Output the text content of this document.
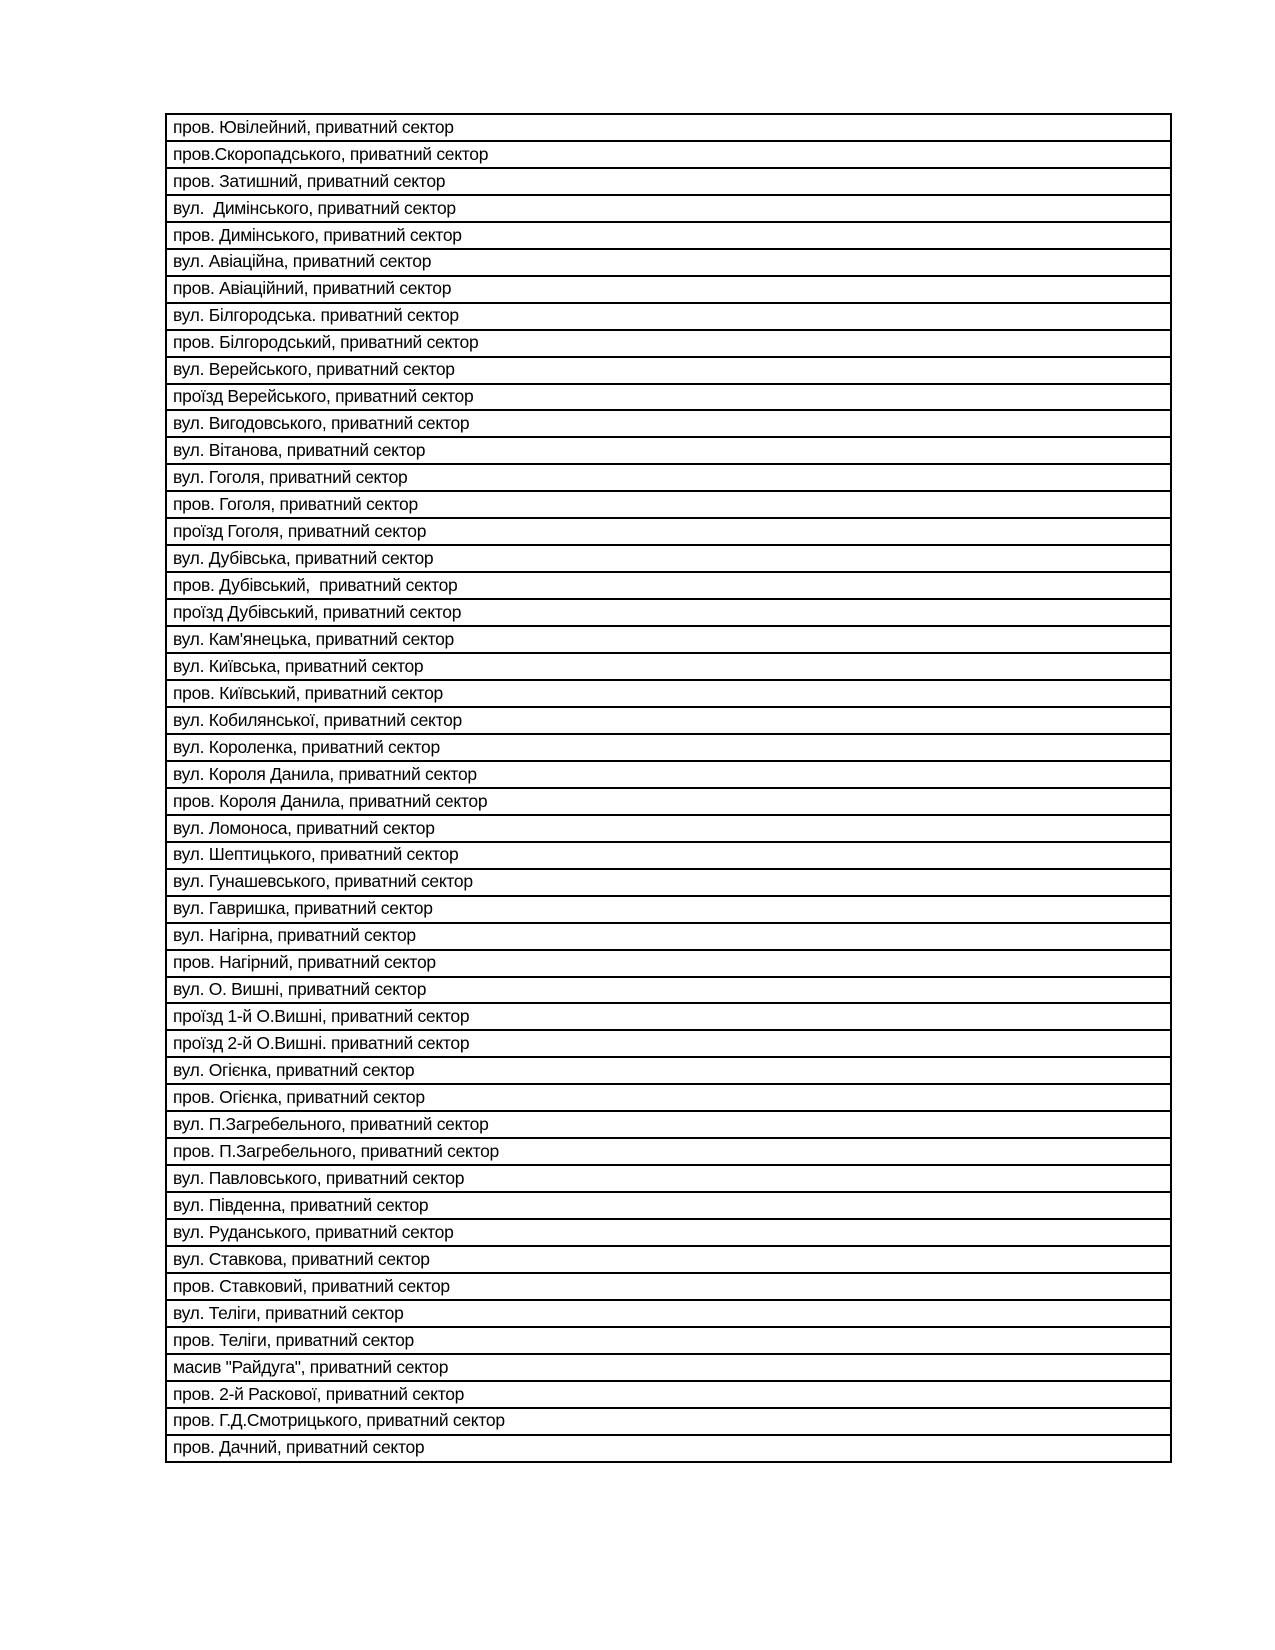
пров. Ювілейний, приватний сектор
пров.Скоропадського, приватний сектор
пров. Затишний, приватний сектор
вул.  Димінського, приватний сектор
пров. Димінського, приватний сектор
вул. Авіаційна, приватний сектор
пров. Авіаційний, приватний сектор
вул. Білгородська. приватний сектор
пров. Білгородський, приватний сектор
вул. Верейського, приватний сектор
проїзд Верейського, приватний сектор
вул. Вигодовського, приватний сектор
вул. Вітанова, приватний сектор
вул. Гоголя, приватний сектор
пров. Гоголя, приватний сектор
проїзд Гоголя, приватний сектор
вул. Дубівська, приватний сектор
пров. Дубівський,  приватний сектор
проїзд Дубівський, приватний сектор
вул. Кам'янецька, приватний сектор
вул. Київська, приватний сектор
пров. Київський, приватний сектор
вул. Кобилянської, приватний сектор
вул. Короленка, приватний сектор
вул. Короля Данила, приватний сектор
пров. Короля Данила, приватний сектор
вул. Ломоноса, приватний сектор
вул. Шептицького, приватний сектор
вул. Гунашевського, приватний сектор
вул. Гавришка, приватний сектор
вул. Нагірна, приватний сектор
пров. Нагірний, приватний сектор
вул. О. Вишні, приватний сектор
проїзд 1-й О.Вишні, приватний сектор
проїзд 2-й О.Вишні. приватний сектор
вул. Огієнка, приватний сектор
пров. Огієнка, приватний сектор
вул. П.Загребельного, приватний сектор
пров. П.Загребельного, приватний сектор
вул. Павловського, приватний сектор
вул. Південна, приватний сектор
вул. Руданського, приватний сектор
вул. Ставкова, приватний сектор
пров. Ставковий, приватний сектор
вул. Теліги, приватний сектор
пров. Теліги, приватний сектор
масив "Райдуга", приватний сектор
пров. 2-й Раскової, приватний сектор
пров. Г.Д.Смотрицького, приватний сектор
пров. Дачний, приватний сектор
